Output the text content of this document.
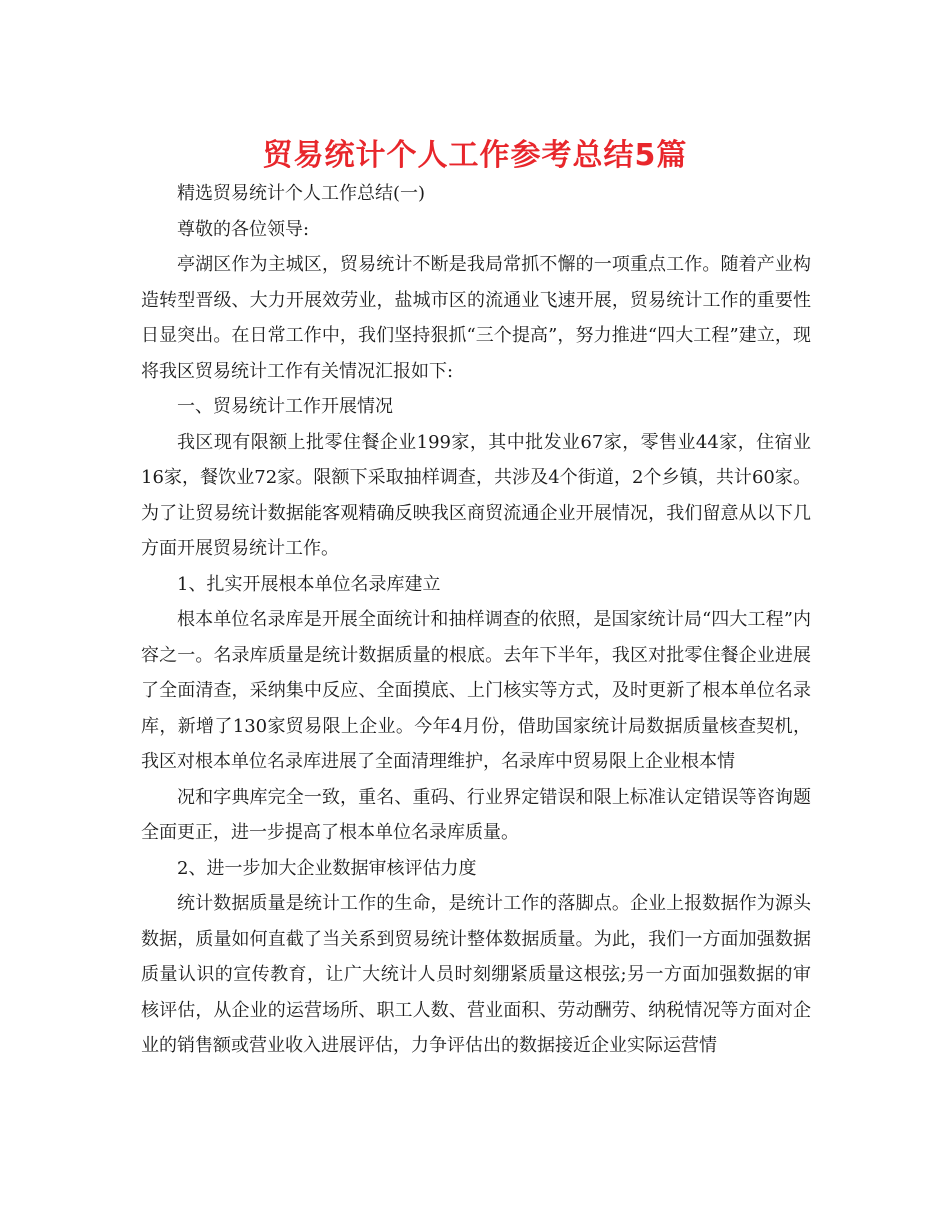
贸易统计个人工作参考总结5篇

精选贸易统计个人工作总结(一)

尊敬的各位领导:

亭湖区作为主城区，贸易统计不断是我局常抓不懈的一项重点工作。随着产业构造转型晋级、大力开展效劳业，盐城市区的流通业飞速开展，贸易统计工作的重要性日显突出。在日常工作中，我们坚持狠抓“三个提高”，努力推进“四大工程”建立，现将我区贸易统计工作有关情况汇报如下:

一、贸易统计工作开展情况

我区现有限额上批零住餐企业199家，其中批发业67家，零售业44家，住宿业16家，餐饮业72家。限额下采取抽样调查，共涉及4个街道，2个乡镇，共计60家。为了让贸易统计数据能客观精确反映我区商贸流通企业开展情况，我们留意从以下几方面开展贸易统计工作。

1、扎实开展根本单位名录库建立

根本单位名录库是开展全面统计和抽样调查的依照，是国家统计局“四大工程”内容之一。名录库质量是统计数据质量的根底。去年下半年，我区对批零住餐企业进展了全面清查，采纳集中反应、全面摸底、上门核实等方式，及时更新了根本单位名录库，新增了130家贸易限上企业。今年4月份，借助国家统计局数据质量核查契机，我区对根本单位名录库进展了全面清理维护，名录库中贸易限上企业根本情

况和字典库完全一致，重名、重码、行业界定错误和限上标准认定错误等咨询题全面更正，进一步提高了根本单位名录库质量。

2、进一步加大企业数据审核评估力度

统计数据质量是统计工作的生命，是统计工作的落脚点。企业上报数据作为源头数据，质量如何直截了当关系到贸易统计整体数据质量。为此，我们一方面加强数据质量认识的宣传教育，让广大统计人员时刻绷紧质量这根弦;另一方面加强数据的审核评估，从企业的运营场所、职工人数、营业面积、劳动酬劳、纳税情况等方面对企业的销售额或营业收入进展评估，力争评估出的数据接近企业实际运营情
